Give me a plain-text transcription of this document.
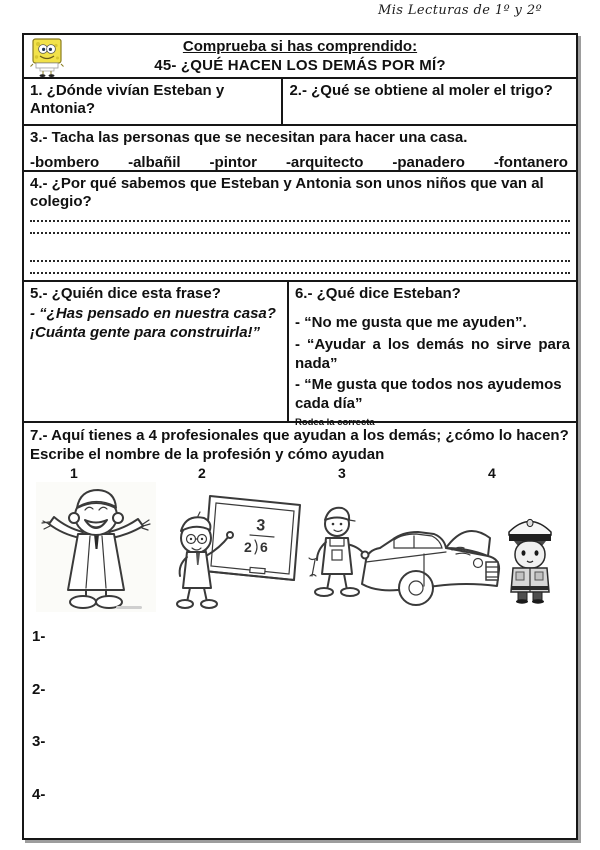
Mis Lecturas de 1º y 2º
Comprueba si has comprendido:
45- ¿QUÉ HACEN LOS DEMÁS POR MÍ?
1. ¿Dónde vivían Esteban y Antonia?
2.- ¿Qué se obtiene al moler el trigo?
3.- Tacha las personas que se necesitan para hacer una casa.
-bombero -albañil -pintor -arquitecto -panadero -fontanero
4.- ¿Por qué sabemos que Esteban y Antonia son unos niños que van al colegio?
5.- ¿Quién dice esta frase?
- “¿Has pensado en nuestra casa?
¡Cuánta gente para construirla!”
6.- ¿Qué dice Esteban?
- “No me gusta que me ayuden”.
- “Ayudar a los demás no sirve para nada”
- “Me gusta que todos nos ayudemos cada día”
Rodea la correcta
7.- Aquí tienes a 4 profesionales que ayudan a los demás; ¿cómo lo hacen? Escribe el nombre de la profesión y cómo ayudan
1	2	3	4
3
2 6
1-
2-
3-
4-
